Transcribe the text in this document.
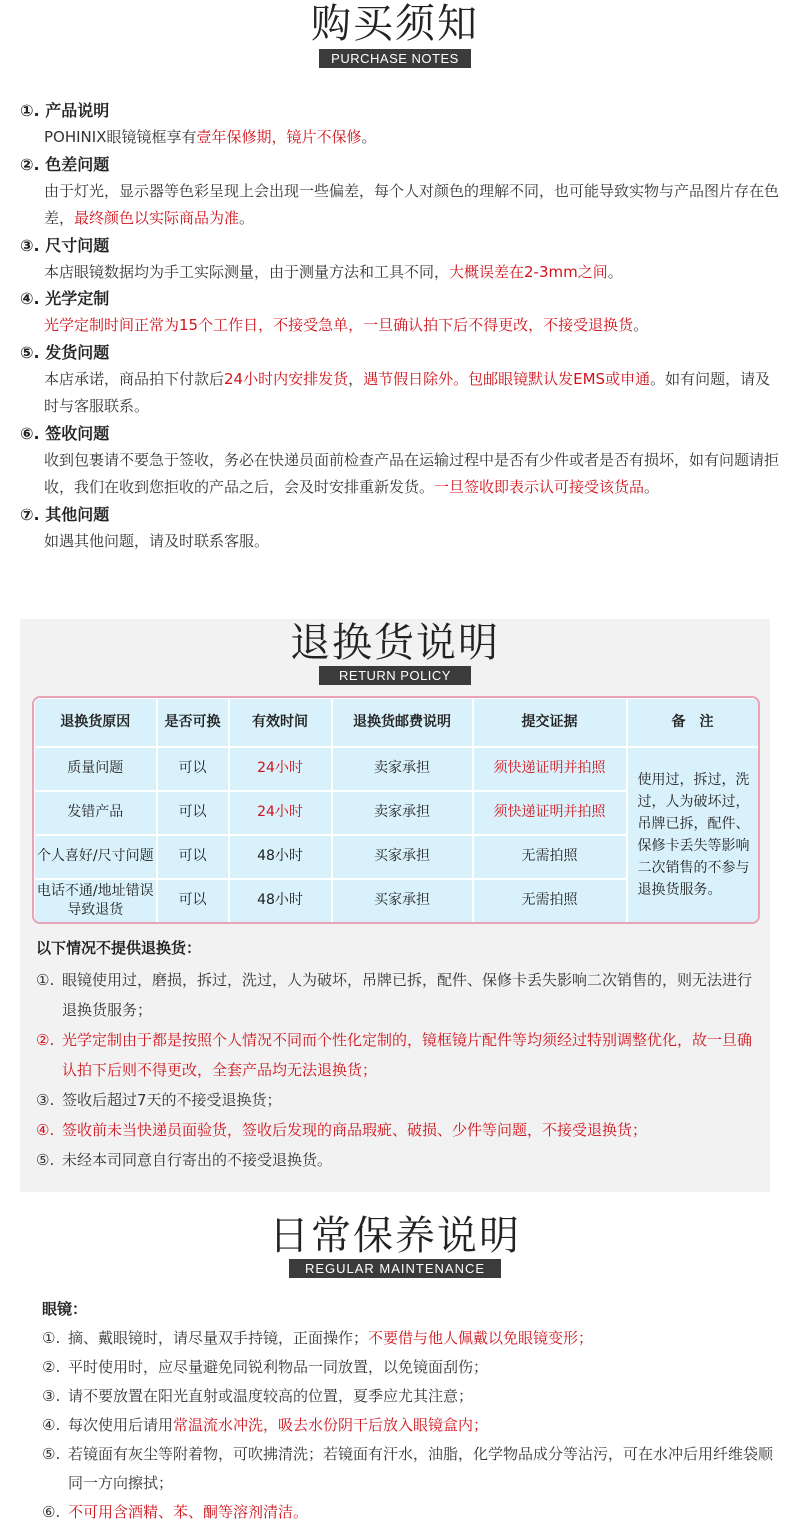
购买须知
PURCHASE NOTES
①. 产品说明
POHINIX眼镜镜框享有壹年保修期，镜片不保修。
②. 色差问题
由于灯光，显示器等色彩呈现上会出现一些偏差，每个人对颜色的理解不同，也可能导致实物与产品图片存在色差，最终颜色以实际商品为准。
③. 尺寸问题
本店眼镜数据均为手工实际测量，由于测量方法和工具不同，大概误差在2-3mm之间。
④. 光学定制
光学定制时间正常为15个工作日，不接受急单，一旦确认拍下后不得更改，不接受退换货。
⑤. 发货问题
本店承诺，商品拍下付款后24小时内安排发货，遇节假日除外。包邮眼镜默认发EMS或申通。如有问题，请及时与客服联系。
⑥. 签收问题
收到包裹请不要急于签收，务必在快递员面前检查产品在运输过程中是否有少件或者是否有损坏，如有问题请拒收，我们在收到您拒收的产品之后，会及时安排重新发货。一旦签收即表示认可接受该货品。
⑦. 其他问题
如遇其他问题，请及时联系客服。
退换货说明
RETURN POLICY
退换货原因	是否可换	有效时间	退换货邮费说明	提交证据	备　注
质量问题	可以	24小时	卖家承担	须快递证明并拍照	使用过，拆过，洗过，人为破坏过，吊牌已拆，配件、保修卡丢失等影响二次销售的不参与退换货服务。
发错产品	可以	24小时	卖家承担	须快递证明并拍照	
个人喜好/尺寸问题	可以	48小时	买家承担	无需拍照	
电话不通/地址错误导致退货	可以	48小时	买家承担	无需拍照	
以下情况不提供退换货：
①. 眼镜使用过，磨损，拆过，洗过，人为破坏，吊牌已拆，配件、保修卡丢失影响二次销售的，则无法进行退换货服务；
②. 光学定制由于都是按照个人情况不同而个性化定制的，镜框镜片配件等均须经过特别调整优化，故一旦确认拍下后则不得更改，全套产品均无法退换货；
③. 签收后超过7天的不接受退换货；
④. 签收前未当快递员面验货，签收后发现的商品瑕疵、破损、少件等问题，不接受退换货；
⑤. 未经本司同意自行寄出的不接受退换货。
日常保养说明
REGULAR MAINTENANCE
眼镜：
①. 摘、戴眼镜时，请尽量双手持镜，正面操作；不要借与他人佩戴以免眼镜变形；
②. 平时使用时，应尽量避免同锐利物品一同放置，以免镜面刮伤；
③. 请不要放置在阳光直射或温度较高的位置，夏季应尤其注意；
④. 每次使用后请用常温流水冲洗，吸去水份阴干后放入眼镜盒内；
⑤. 若镜面有灰尘等附着物，可吹拂清洗；若镜面有汗水，油脂，化学物品成分等沾污，可在水冲后用纤维袋顺同一方向擦拭；
⑥. 不可用含酒精、苯、酮等溶剂清洁。
